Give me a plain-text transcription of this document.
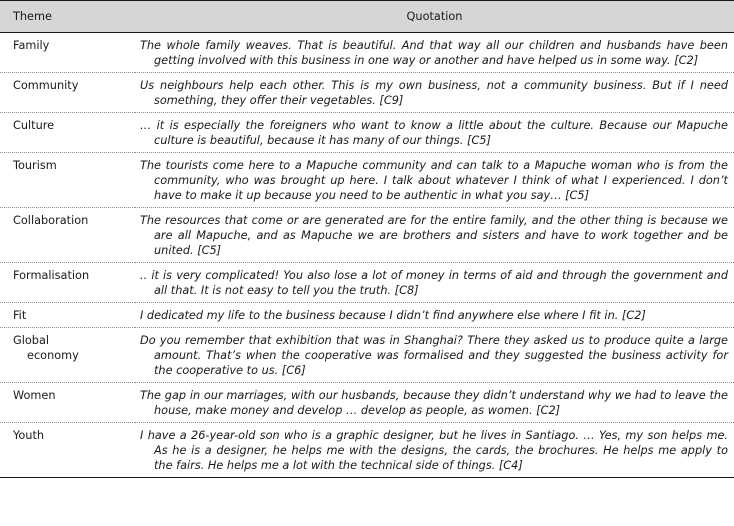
Theme	Quotation
Family	The whole family weaves. That is beautiful. And that way all our children and husbands have been getting involved with this business in one way or another and have helped us in some way. [C2]
Community	Us neighbours help each other. This is my own business, not a community business. But if I need something, they offer their vegetables. [C9]
Culture	… it is especially the foreigners who want to know a little about the culture. Because our Mapuche culture is beautiful, because it has many of our things. [C5]
Tourism	The tourists come here to a Mapuche community and can talk to a Mapuche woman who is from the community, who was brought up here. I talk about whatever I think of what I experienced. I don’t have to make it up because you need to be authentic in what you say… [C5]
Collaboration	The resources that come or are generated are for the entire family, and the other thing is because we are all Mapuche, and as Mapuche we are brothers and sisters and have to work together and be united. [C5]
Formalisation	.. it is very complicated! You also lose a lot of money in terms of aid and through the government and all that. It is not easy to tell you the truth. [C8]
Fit	I dedicated my life to the business because I didn’t find anywhere else where I fit in. [C2]

Global
economy	Do you remember that exhibition that was in Shanghai? There they asked us to produce quite a large amount. That’s when the cooperative was formalised and they suggested the business activity for the cooperative to us. [C6]
Women	The gap in our marriages, with our husbands, because they didn’t understand why we had to leave the house, make money and develop … develop as people, as women. [C2]
Youth	I have a 26-year-old son who is a graphic designer, but he lives in Santiago. … Yes, my son helps me. As he is a designer, he helps me with the designs, the cards, the brochures. He helps me apply to the fairs. He helps me a lot with the technical side of things. [C4]
